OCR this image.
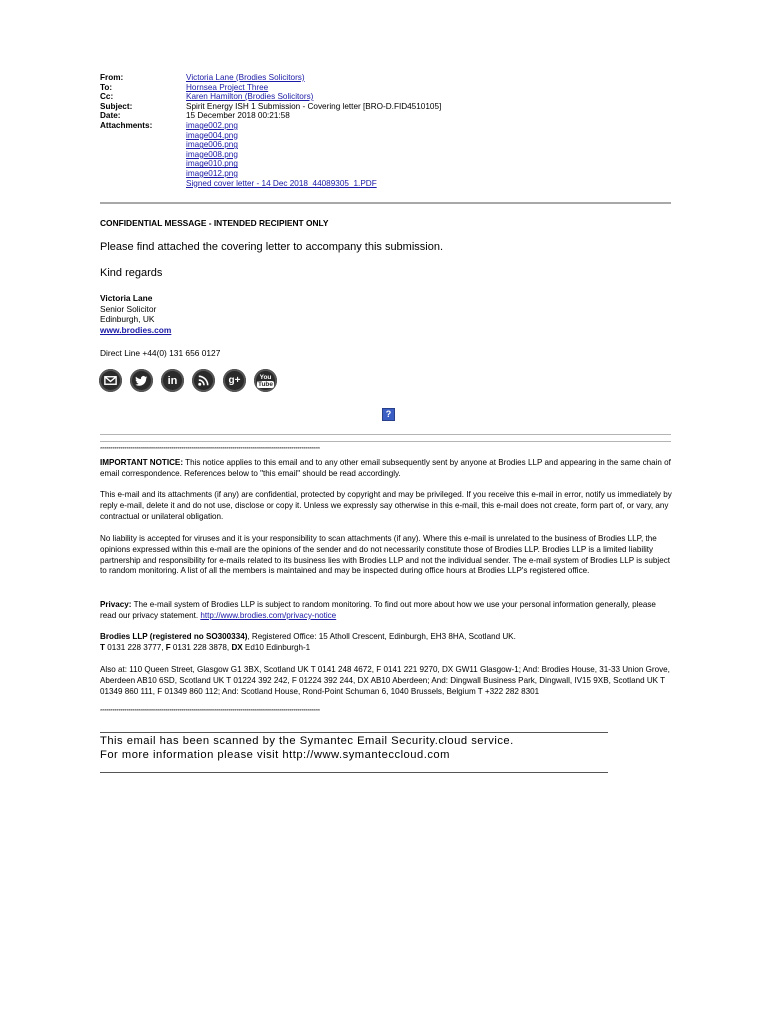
From:	Victoria Lane (Brodies Solicitors)
To:	Hornsea Project Three
Cc:	Karen Hamilton (Brodies Solicitors)
Subject:	Spirit Energy ISH 1 Submission - Covering letter [BRO-D.FID4510105]
Date:	15 December 2018 00:21:58
Attachments:	image002.png
image004.png
image006.png
image008.png
image010.png
image012.png
Signed cover letter - 14 Dec 2018_44089305_1.PDF
CONFIDENTIAL MESSAGE - INTENDED RECIPIENT ONLY
Please find attached the covering letter to accompany this submission.
Kind regards
Victoria Lane
Senior Solicitor
Edinburgh, UK
www.brodies.com
Direct Line +44(0) 131 656 0127
in	g+	You
Tube
?
************************************************************************************************************
IMPORTANT NOTICE: This notice applies to this email and to any other email subsequently sent by anyone at Brodies LLP and appearing in the same chain of email correspondence. References below to "this email" should be read accordingly.
This e-mail and its attachments (if any) are confidential, protected by copyright and may be privileged. If you receive this e-mail in error, notify us immediately by reply e-mail, delete it and do not use, disclose or copy it. Unless we expressly say otherwise in this e-mail, this e-mail does not create, form part of, or vary, any contractual or unilateral obligation.
No liability is accepted for viruses and it is your responsibility to scan attachments (if any). Where this e-mail is unrelated to the business of Brodies LLP, the opinions expressed within this e-mail are the opinions of the sender and do not necessarily constitute those of Brodies LLP. Brodies LLP is a limited liability partnership and responsibility for e-mails related to its business lies with Brodies LLP and not the individual sender. The e-mail system of Brodies LLP is subject to random monitoring. A list of all the members is maintained and may be inspected during office hours at Brodies LLP's registered office.
Privacy: The e-mail system of Brodies LLP is subject to random monitoring. To find out more about how we use your personal information generally, please read our privacy statement. http://www.brodies.com/privacy-notice
Brodies LLP (registered no SO300334), Registered Office: 15 Atholl Crescent, Edinburgh, EH3 8HA, Scotland UK.
T 0131 228 3777, F 0131 228 3878, DX Ed10 Edinburgh-1
Also at: 110 Queen Street, Glasgow G1 3BX, Scotland UK T 0141 248 4672, F 0141 221 9270, DX GW11 Glasgow-1; And: Brodies House, 31-33 Union Grove, Aberdeen AB10 6SD, Scotland UK T 01224 392 242, F 01224 392 244, DX AB10 Aberdeen; And: Dingwall Business Park, Dingwall, IV15 9XB, Scotland UK T 01349 860 111, F 01349 860 112; And: Scotland House, Rond-Point Schuman 6, 1040 Brussels, Belgium T +322 282 8301
************************************************************************************************************
This email has been scanned by the Symantec Email Security.cloud service.
For more information please visit http://www.symanteccloud.com
